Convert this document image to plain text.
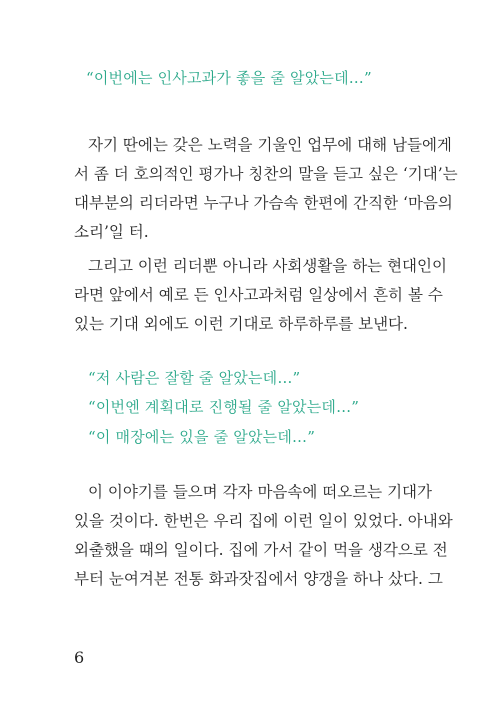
“이번에는 인사고과가 좋을 줄 알았는데…”
자기 딴에는 갖은 노력을 기울인 업무에 대해 남들에게
서 좀 더 호의적인 평가나 칭찬의 말을 듣고 싶은 ‘기대’는
대부분의 리더라면 누구나 가슴속 한편에 간직한 ‘마음의
소리’일 터.
그리고 이런 리더뿐 아니라 사회생활을 하는 현대인이
라면 앞에서 예로 든 인사고과처럼 일상에서 흔히 볼 수
있는 기대 외에도 이런 기대로 하루하루를 보낸다.
“저 사람은 잘할 줄 알았는데…”
“이번엔 계획대로 진행될 줄 알았는데…”
“이 매장에는 있을 줄 알았는데…”
이 이야기를 들으며 각자 마음속에 떠오르는 기대가
있을 것이다. 한번은 우리 집에 이런 일이 있었다. 아내와
외출했을 때의 일이다. 집에 가서 같이 먹을 생각으로 전
부터 눈여겨본 전통 화과잣집에서 양갱을 하나 샀다. 그
6
